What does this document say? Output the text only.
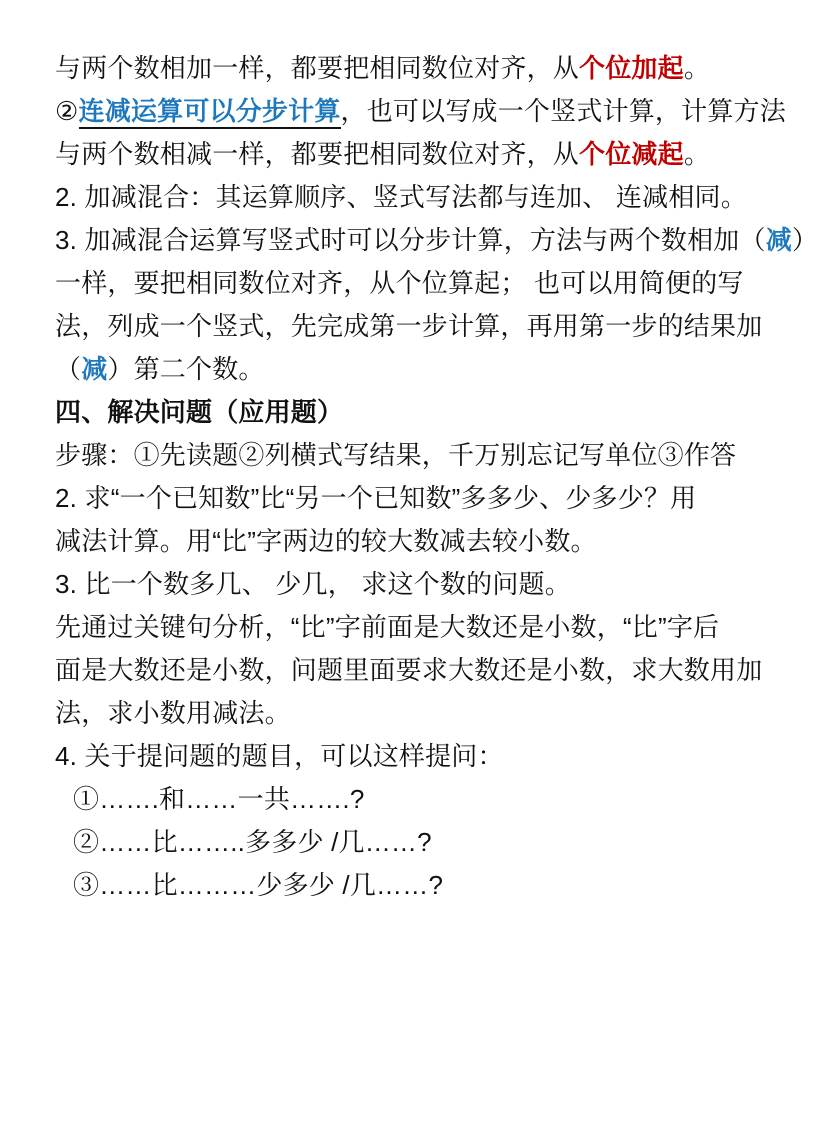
与两个数相加一样，都要把相同数位对齐，从个位加起。

②连减运算可以分步计算，也可以写成一个竖式计算，计算方法

与两个数相减一样，都要把相同数位对齐，从个位减起。

2. 加减混合：其运算顺序、竖式写法都与连加、 连减相同。

3. 加减混合运算写竖式时可以分步计算，方法与两个数相加（减）

一样，要把相同数位对齐，从个位算起； 也可以用简便的写

法，列成一个竖式，先完成第一步计算，再用第一步的结果加

（减）第二个数。

四、解决问题（应用题）

步骤：①先读题②列横式写结果，千万别忘记写单位③作答

2. 求“一个已知数”比“另一个已知数”多多少、少多少？用

减法计算。用“比”字两边的较大数减去较小数。

3. 比一个数多几、 少几， 求这个数的问题。

先通过关键句分析，“比”字前面是大数还是小数，“比”字后

面是大数还是小数，问题里面要求大数还是小数，求大数用加

法，求小数用减法。

4. 关于提问题的题目，可以这样提问：

①…….和……一共…….?

②……比……..多多少 /几……?

③……比………少多少 /几……?
